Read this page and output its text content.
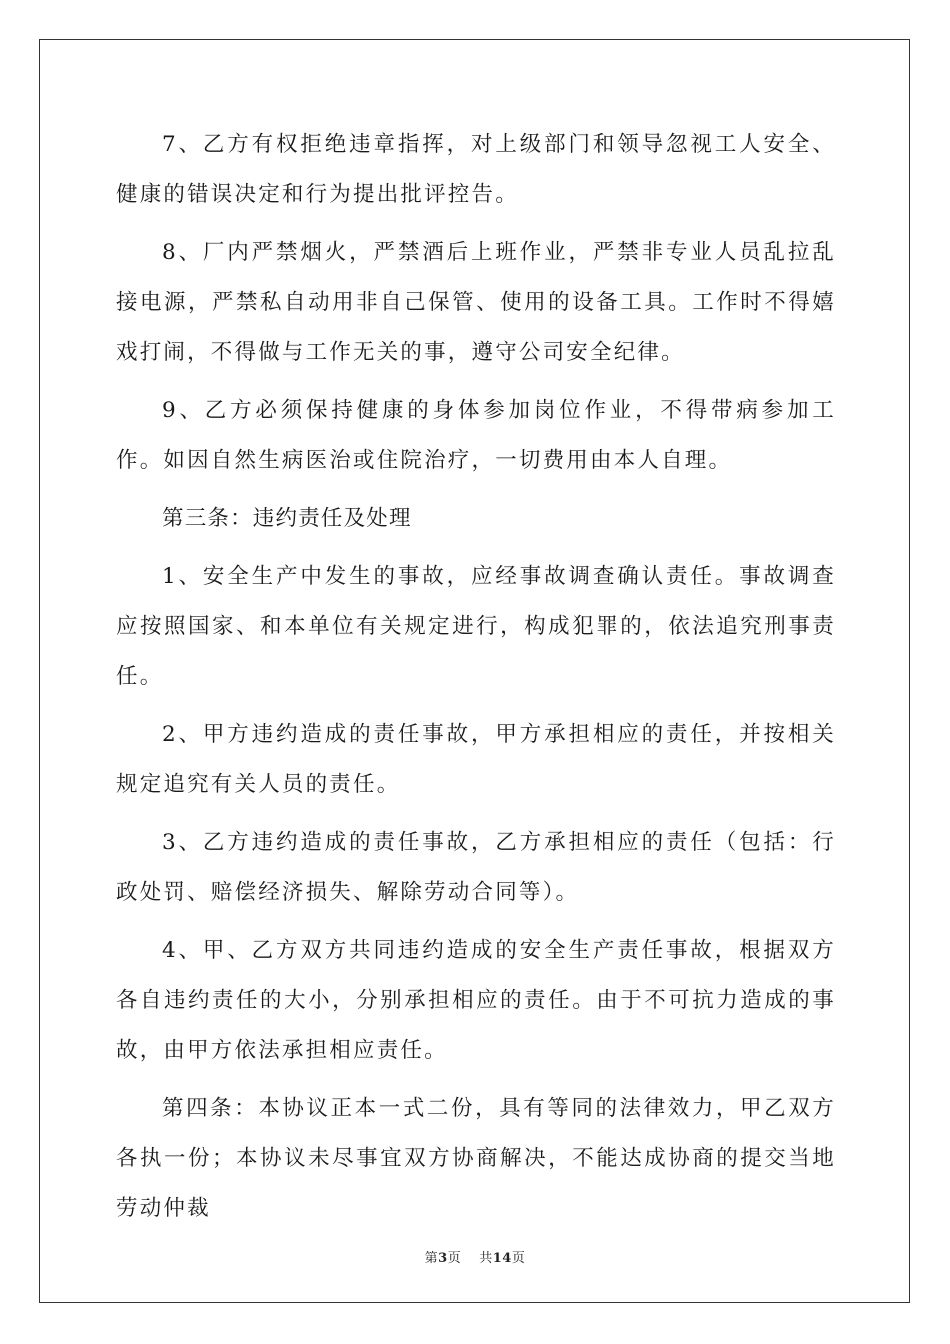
7、乙方有权拒绝违章指挥，对上级部门和领导忽视工人安全、健康的错误决定和行为提出批评控告。

8、厂内严禁烟火，严禁酒后上班作业，严禁非专业人员乱拉乱接电源，严禁私自动用非自己保管、使用的设备工具。工作时不得嬉戏打闹，不得做与工作无关的事，遵守公司安全纪律。

9、乙方必须保持健康的身体参加岗位作业，不得带病参加工作。如因自然生病医治或住院治疗，一切费用由本人自理。

第三条：违约责任及处理

1、安全生产中发生的事故，应经事故调查确认责任。事故调查应按照国家、和本单位有关规定进行，构成犯罪的，依法追究刑事责任。

2、甲方违约造成的责任事故，甲方承担相应的责任，并按相关规定追究有关人员的责任。

3、乙方违约造成的责任事故，乙方承担相应的责任（包括：行政处罚、赔偿经济损失、解除劳动合同等）。

4、甲、乙方双方共同违约造成的安全生产责任事故，根据双方各自违约责任的大小，分别承担相应的责任。由于不可抗力造成的事故，由甲方依法承担相应责任。

第四条：本协议正本一式二份，具有等同的法律效力，甲乙双方各执一份；本协议未尽事宜双方协商解决，不能达成协商的提交当地劳动仲裁

第3页 共14页
